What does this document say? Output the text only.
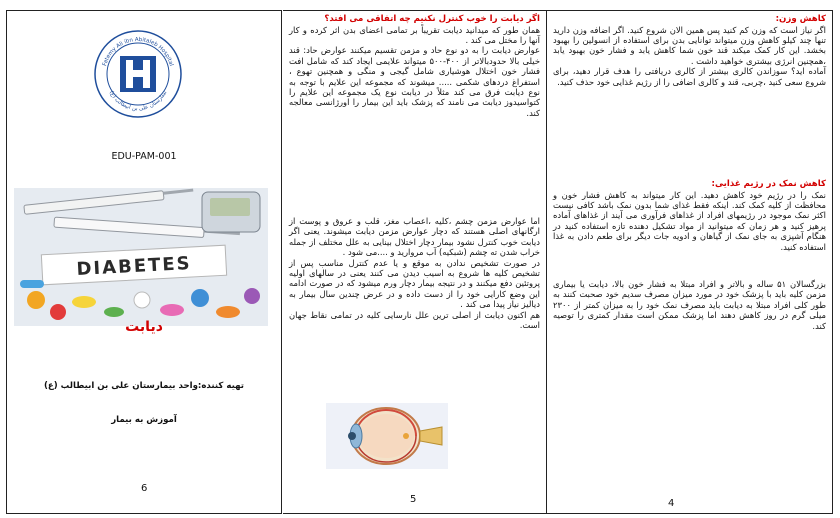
Fatemy Ali ibn Abitaleb Hospital
بیمارستان علی بن ابیطالب (ع)
EDU-PAM-001
DIABETES
دیابت
تهیه کننده:واحد بیمارستان علی بن ابیطالب (ع)
آموزش به بیمار
6

اگر دیابت را خوب کنترل نکنیم چه اتفاقی می افتد؟

همان طور که میدانید دیابت تقریباً بر تمامی اعضای بدن اثر کرده و کار آنها را مختل می کند .

عوارض دیابت را به دو نوع حاد و مزمن تقسیم میکنند عوارض حاد: قند خیلی بالا حدودبالاتر از ۴۰۰-۵۰۰ میتواند علایمی ایجاد کند که شامل افت فشار خون اختلال هوشیاری شامل گیجی و منگی و همچنین تهوع ، استفراغ دردهای شکمی ..... میشوند که مجموعه این علایم با توجه به نوع دیابت فرق می کند مثلاً در دیابت نوع یک مجموعه این علایم را کتواسیدوز دیابت می نامند که پزشک باید این بیمار را اورژانسی معالجه کند.

اما عوارض مزمن چشم ،کلیه ،اعصاب مغز، قلب و عروق و پوست از ارگانهای اصلی هستند که دچار عوارض مزمن دیابت میشوند. یعنی اگر دیابت خوب کنترل نشود بیمار دچار اختلال بینایی به علل مختلف از جمله خراب شدن ته چشم (شبکیه) آب مروارید و ....می شود .

در صورت تشخیص ندادن به موقع و یا عدم کنترل مناسب پس از تشخیص کلیه ها شروع به اسیب دیدن می کنند یعنی در سالهای اولیه پروتئین دفع میکنند و در نتیجه بیمار دچار ورم میشود که در صورت ادامه این وضع کارایی خود را از دست داده و در عرض چندین سال بیمار به دیالیز نیاز پیدا می کند .

هم اکنون دیابت از اصلی ترین علل نارسایی کلیه در تمامی نقاط جهان است.

5

کاهش وزن:

اگر نیاز است که وزن کم کنید پس همین الان شروع کنید. اگر اضافه وزن دارید تنها چند کیلو کاهش وزن میتواند توانایی بدن برای استفاده از انسولین را بهبود بخشد. این کار کمک میکند قند خون شما کاهش یابد و فشار خون بهبود یابد ،همچنین انرژی بیشتری خواهید داشت .

آماده اید؟ سوزاندن کالری بیشتر از کالری دریافتی را هدف قرار دهید، برای شروع سعی کنید ،چربی، قند و کالری اضافی را از رژیم غذایی خود حذف کنید.

کاهش نمک در رژیم غذایی:

نمک را در رژیم خود کاهش دهید. این کار میتواند به کاهش فشار خون و محافظت از کلیه کمک کند. اینکه فقط غذای شما بدون نمک باشد کافی نیست اکثر نمک موجود در رژیمهای افراد از غذاهای فرآوری می آیند از غذاهای آماده پرهیز کنید و هر زمان که میتوانید از مواد تشکیل دهنده تازه استفاده کنید در هنگام آشپزی به جای نمک از گیاهان و ادویه جات دیگر برای طعم دادن به غذا استفاده کنید.

بزرگسالان ۵۱ ساله و بالاتر و افراد مبتلا به فشار خون بالا، دیابت یا بیماری مزمن کلیه باید با پزشک خود در مورد میزان مصرف سدیم خود صحبت کنند به طور کلی افراد مبتلا به دیابت باید مصرف نمک خود را به میزان کمتر از ۲۳۰۰ میلی گرم در روز کاهش دهند اما پزشک ممکن است مقدار کمتری را توصیه کند.

4
